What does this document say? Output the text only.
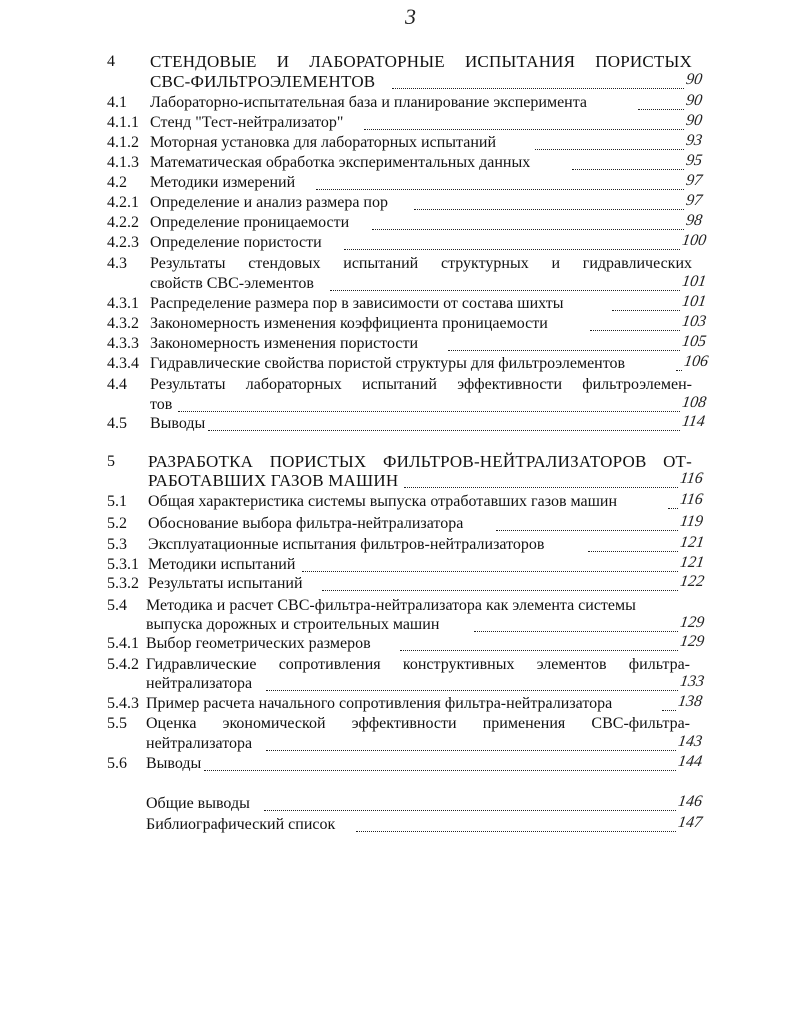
3
4 СТЕНДОВЫЕ И ЛАБОРАТОРНЫЕ ИСПЫТАНИЯ ПОРИСТЫХ
СВС-ФИЛЬТРОЭЛЕМЕНТОВ	90
4.1 Лабораторно-испытательная база и планирование эксперимента	90
4.1.1 Стенд "Тест-нейтрализатор"	90
4.1.2 Моторная установка для лабораторных испытаний	93
4.1.3 Математическая обработка экспериментальных данных	95
4.2 Методики измерений	97
4.2.1 Определение и анализ размера пор	97
4.2.2 Определение проницаемости	98
4.2.3 Определение пористости	100
4.3 Результаты стендовых испытаний структурных и гидравлических
свойств СВС-элементов	101
4.3.1 Распределение размера пор в зависимости от состава шихты	101
4.3.2 Закономерность изменения коэффициента проницаемости	103
4.3.3 Закономерность изменения пористости	105
4.3.4 Гидравлические свойства пористой структуры для фильтроэлементов	106
4.4 Результаты лабораторных испытаний эффективности фильтроэлемен-
тов	108
4.5 Выводы	114
5 РАЗРАБОТКА ПОРИСТЫХ ФИЛЬТРОВ-НЕЙТРАЛИЗАТОРОВ ОТ-
РАБОТАВШИХ ГАЗОВ МАШИН	116
5.1 Общая характеристика системы выпуска отработавших газов машин	116
5.2 Обоснование выбора фильтра-нейтрализатора	119
5.3 Эксплуатационные испытания фильтров-нейтрализаторов	121
5.3.1 Методики испытаний	121
5.3.2 Результаты испытаний	122
5.4 Методика и расчет СВС-фильтра-нейтрализатора как элемента системы
выпуска дорожных и строительных машин	129
5.4.1 Выбор геометрических размеров	129
5.4.2 Гидравлические сопротивления конструктивных элементов фильтра-
нейтрализатора	133
5.4.3 Пример расчета начального сопротивления фильтра-нейтрализатора	138
5.5 Оценка экономической эффективности применения СВС-фильтра-
нейтрализатора	143
5.6 Выводы	144
Общие выводы	146
Библиографический список	147
